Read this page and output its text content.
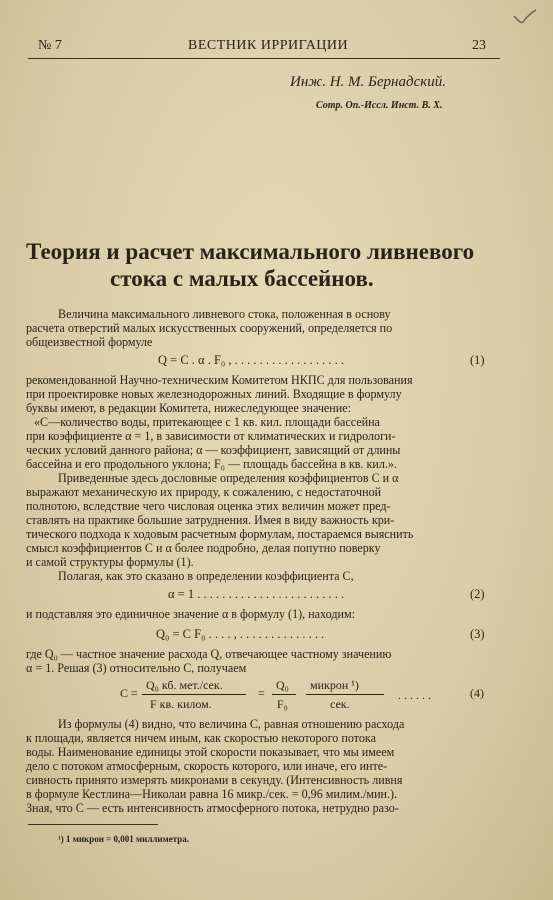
№ 7	ВЕСТНИК ИРРИГАЦИИ	23
Инж. Н. М. Бернадский.
Сотр. Оп.-Иссл. Инст. В. Х.
Теория и расчет максимального ливневого
стока с малых бассейнов.
Величина максимального ливневого стока, положенная в основу
расчета отверстий малых искусственных сооружений, определяется по
общеизвестной формуле
Q = C . α . F₀ , . . . . . . . . . . . . . . . . . .	(1)
рекомендованной Научно-техническим Комитетом НКПС для пользования
при проектировке новых железнодорожных линий. Входящие в формулу
буквы имеют, в редакции Комитета, нижеследующее значение:
«С—количество воды, притекающее с 1 кв. кил. площади бассейна
при коэффициенте α = 1, в зависимости от климатических и гидрологи-
ческих условий данного района; α — коэффициент, зависящий от длины
бассейна и его продольного уклона; F₀ — площадь бассейна в кв. кил.».
Приведенные здесь дословные определения коэффициентов С и α
выражают механическую их природу, к сожалению, с недостаточной
полнотою, вследствие чего числовая оценка этих величин может пред-
ставлять на практике большие затруднения. Имея в виду важность кри-
тического подхода к ходовым расчетным формулам, постараемся выяснить
смысл коэффициентов С и α более подробно, делая попутно поверку
и самой структуры формулы (1).
Полагая, как это сказано в определении коэффициента С,
α = 1 . . . . . . . . . . . . . . . . . . . . . . . .	(2)
и подставляя это единичное значение α в формулу (1), находим:
Q₀ = C F₀ . . . . , . . . . . . . . . . . . . .	(3)
где Q₀ — частное значение расхода Q, отвечающее частному значению
α = 1. Решая (3) относительно С, получаем
C =
Q₀ кб. мет./сек.
F кв. килом.
=
Q₀
F₀
микрон ¹)
сек.
. . . . . .	(4)
Из формулы (4) видно, что величина С, равная отношению расхода
к площади, является ничем иным, как скоростью некоторого потока
воды. Наименование единицы этой скорости показывает, что мы имеем
дело с потоком атмосферным, скорость которого, или иначе, его инте-
сивность принято измерять микронами в секунду. (Интенсивность ливня
в формуле Кестлина—Николаи равна 16 микр./сек. = 0,96 милим./мин.).
Зная, что С — есть интенсивность атмосферного потока, нетрудно разо-
¹) 1 микрон = 0,001 миллиметра.
